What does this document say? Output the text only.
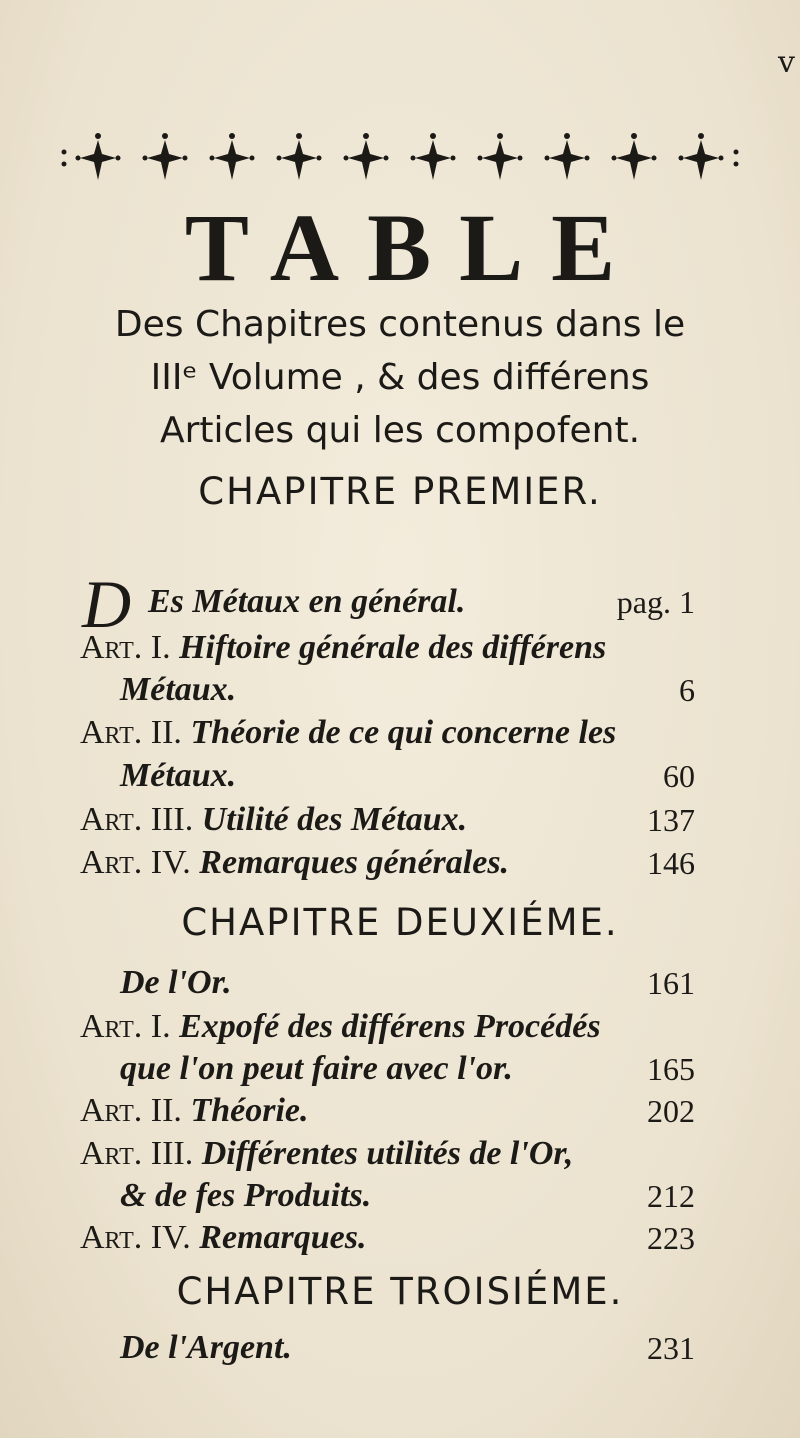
v
TABLE
Des Chapitres contenus dans le
IIIᵉ Volume , & des différens
Articles qui les compofent.
CHAPITRE PREMIER.
D Es Métaux en général.	pag. 1
Art. I. Hiftoire générale des différens
Métaux.	6
Art. II. Théorie de ce qui concerne les
Métaux.	60
Art. III. Utilité des Métaux.	137
Art. IV. Remarques générales.	146
CHAPITRE DEUXIÉME.
De l'Or.	161
Art. I. Expofé des différens Procédés
que l'on peut faire avec l'or.	165
Art. II. Théorie.	202
Art. III. Différentes utilités de l'Or,
& de fes Produits.	212
Art. IV. Remarques.	223
CHAPITRE TROISIÉME.
De l'Argent.	231
